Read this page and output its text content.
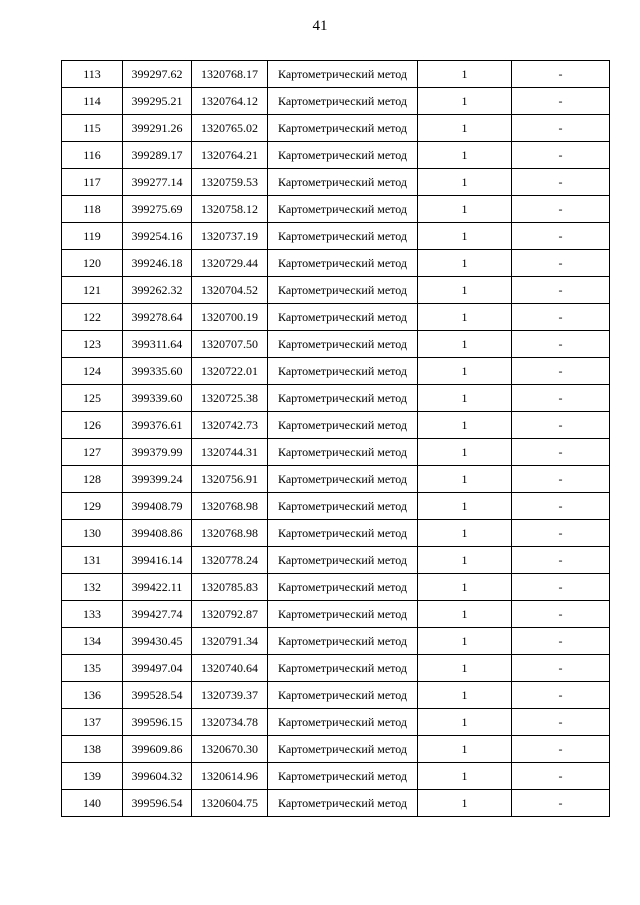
41
113	399297.62	1320768.17	Картометрический метод	1	-
114	399295.21	1320764.12	Картометрический метод	1	-
115	399291.26	1320765.02	Картометрический метод	1	-
116	399289.17	1320764.21	Картометрический метод	1	-
117	399277.14	1320759.53	Картометрический метод	1	-
118	399275.69	1320758.12	Картометрический метод	1	-
119	399254.16	1320737.19	Картометрический метод	1	-
120	399246.18	1320729.44	Картометрический метод	1	-
121	399262.32	1320704.52	Картометрический метод	1	-
122	399278.64	1320700.19	Картометрический метод	1	-
123	399311.64	1320707.50	Картометрический метод	1	-
124	399335.60	1320722.01	Картометрический метод	1	-
125	399339.60	1320725.38	Картометрический метод	1	-
126	399376.61	1320742.73	Картометрический метод	1	-
127	399379.99	1320744.31	Картометрический метод	1	-
128	399399.24	1320756.91	Картометрический метод	1	-
129	399408.79	1320768.98	Картометрический метод	1	-
130	399408.86	1320768.98	Картометрический метод	1	-
131	399416.14	1320778.24	Картометрический метод	1	-
132	399422.11	1320785.83	Картометрический метод	1	-
133	399427.74	1320792.87	Картометрический метод	1	-
134	399430.45	1320791.34	Картометрический метод	1	-
135	399497.04	1320740.64	Картометрический метод	1	-
136	399528.54	1320739.37	Картометрический метод	1	-
137	399596.15	1320734.78	Картометрический метод	1	-
138	399609.86	1320670.30	Картометрический метод	1	-
139	399604.32	1320614.96	Картометрический метод	1	-
140	399596.54	1320604.75	Картометрический метод	1	-
